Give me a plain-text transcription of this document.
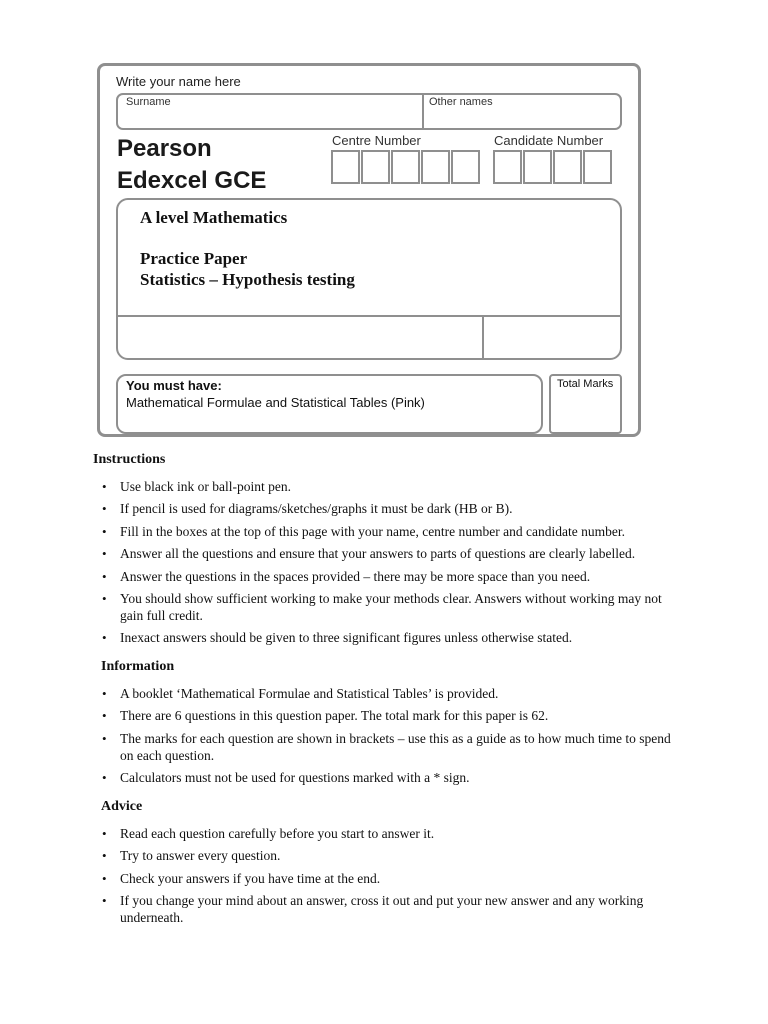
Write your name here
Surname	Other names
Pearson
Edexcel GCE
Centre Number	Candidate Number
A level Mathematics
Practice Paper
Statistics – Hypothesis testing
You must have:
Mathematical Formulae and Statistical Tables (Pink)
Total Marks
Instructions
• Use black ink or ball-point pen.
• If pencil is used for diagrams/sketches/graphs it must be dark (HB or B).
• Fill in the boxes at the top of this page with your name, centre number and candidate number.
• Answer all the questions and ensure that your answers to parts of questions are clearly labelled.
• Answer the questions in the spaces provided – there may be more space than you need.
• You should show sufficient working to make your methods clear. Answers without working may not gain full credit.
• Inexact answers should be given to three significant figures unless otherwise stated.
Information
• A booklet ‘Mathematical Formulae and Statistical Tables’ is provided.
• There are 6 questions in this question paper. The total mark for this paper is 62.
• The marks for each question are shown in brackets – use this as a guide as to how much time to spend on each question.
• Calculators must not be used for questions marked with a * sign.
Advice
• Read each question carefully before you start to answer it.
• Try to answer every question.
• Check your answers if you have time at the end.
• If you change your mind about an answer, cross it out and put your new answer and any working underneath.
